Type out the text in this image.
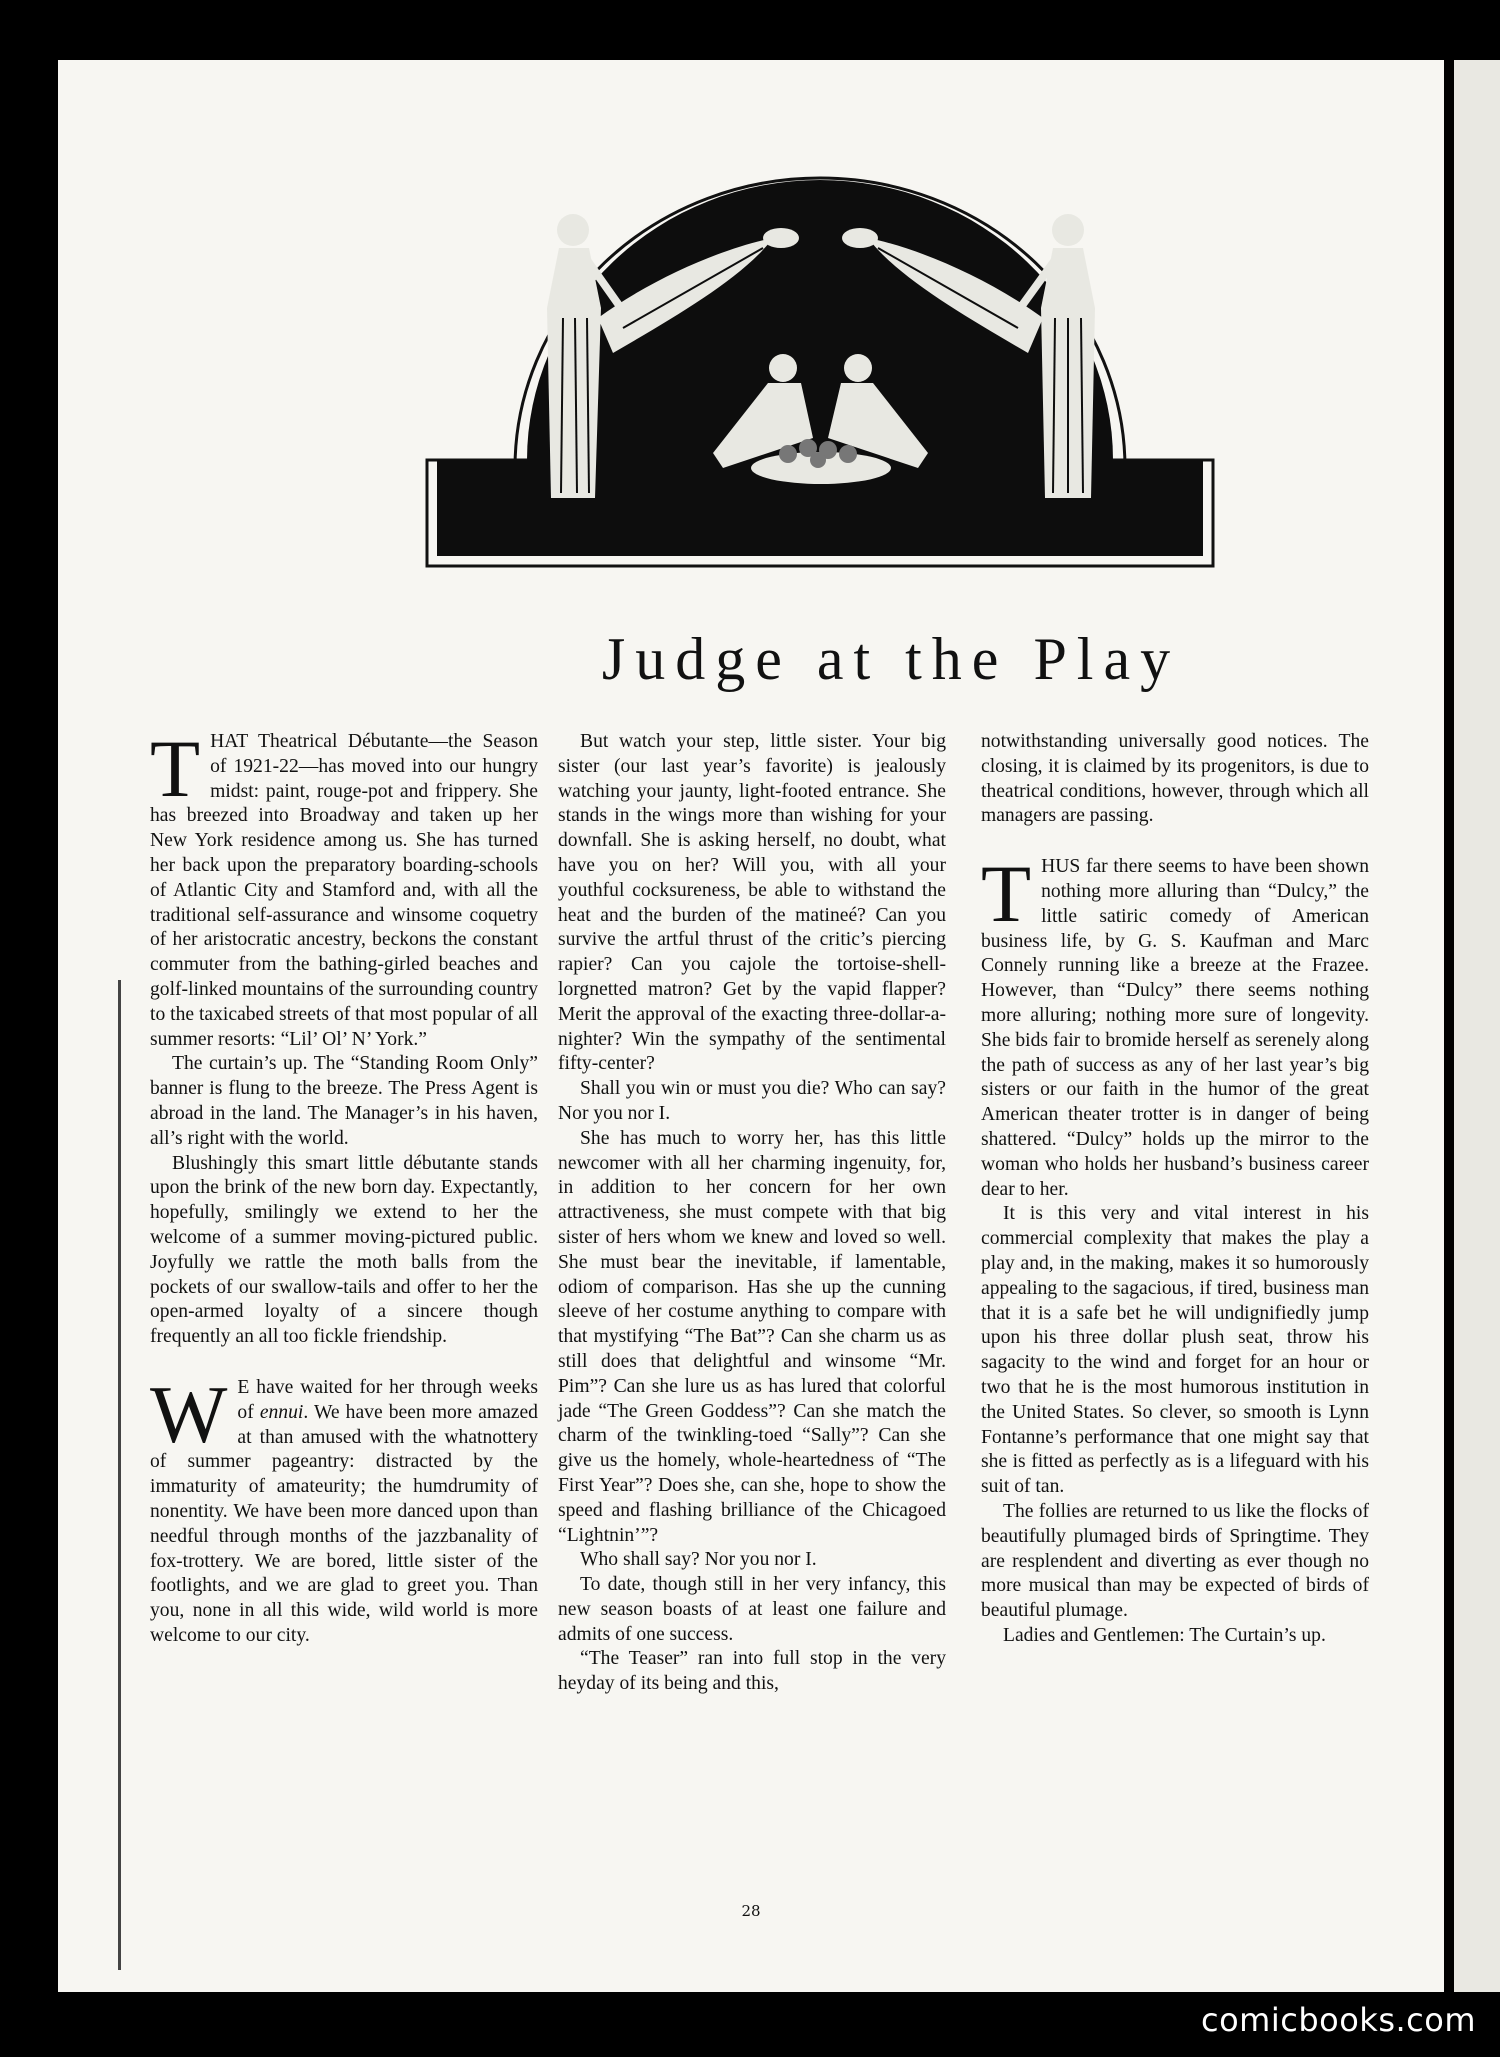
Judge at the Play

THAT Theatrical Débutante—the Season of 1921-22—has moved into our hungry midst: paint, rouge-pot and frippery. She has breezed into Broadway and taken up her New York residence among us. She has turned her back upon the preparatory boarding-schools of Atlantic City and Stamford and, with all the traditional self-assurance and winsome coquetry of her aristocratic ancestry, beckons the constant commuter from the bathing-girled beaches and golf-linked mountains of the surrounding country to the taxicabed streets of that most popular of all summer resorts: “Lil’ Ol’ N’ York.”

The curtain’s up. The “Standing Room Only” banner is flung to the breeze. The Press Agent is abroad in the land. The Manager’s in his haven, all’s right with the world.

Blushingly this smart little débutante stands upon the brink of the new born day. Expectantly, hopefully, smilingly we extend to her the welcome of a summer moving-pictured public. Joyfully we rattle the moth balls from the pockets of our swallow-tails and offer to her the open-armed loyalty of a sincere though frequently an all too fickle friendship.

W E have waited for her through weeks of ennui. We have been more amazed at than amused with the whatnottery of summer pageantry: distracted by the immaturity of amateurity; the humdrumity of nonentity. We have been more danced upon than needful through months of the jazzbanality of fox-trottery. We are bored, little sister of the footlights, and we are glad to greet you. Than you, none in all this wide, wild world is more welcome to our city.

But watch your step, little sister. Your big sister (our last year’s favorite) is jealously watching your jaunty, light-footed entrance. She stands in the wings more than wishing for your downfall. She is asking herself, no doubt, what have you on her? Will you, with all your youthful cocksureness, be able to withstand the heat and the burden of the matineé? Can you survive the artful thrust of the critic’s piercing rapier? Can you cajole the tortoise-shell-lorgnetted matron? Get by the vapid flapper? Merit the approval of the exacting three-dollar-a-nighter? Win the sympathy of the sentimental fifty-center?

Shall you win or must you die? Who can say? Nor you nor I.

She has much to worry her, has this little newcomer with all her charming ingenuity, for, in addition to her concern for her own attractiveness, she must compete with that big sister of hers whom we knew and loved so well. She must bear the inevitable, if lamentable, odiom of comparison. Has she up the cunning sleeve of her costume anything to compare with that mystifying “The Bat”? Can she charm us as still does that delightful and winsome “Mr. Pim”? Can she lure us as has lured that colorful jade “The Green Goddess”? Can she match the charm of the twinkling-toed “Sally”? Can she give us the homely, whole-heartedness of “The First Year”? Does she, can she, hope to show the speed and flashing brilliance of the Chicagoed “Lightnin’”?

Who shall say? Nor you nor I.

To date, though still in her very infancy, this new season boasts of at least one failure and admits of one success.

“The Teaser” ran into full stop in the very heyday of its being and this,

notwithstanding universally good notices. The closing, it is claimed by its progenitors, is due to theatrical conditions, however, through which all managers are passing.

THUS far there seems to have been shown nothing more alluring than “Dulcy,” the little satiric comedy of American business life, by G. S. Kaufman and Marc Connely running like a breeze at the Frazee. However, than “Dulcy” there seems nothing more alluring; nothing more sure of longevity. She bids fair to bromide herself as serenely along the path of success as any of her last year’s big sisters or our faith in the humor of the great American theater trotter is in danger of being shattered. “Dulcy” holds up the mirror to the woman who holds her husband’s business career dear to her.

It is this very and vital interest in his commercial complexity that makes the play a play and, in the making, makes it so humorously appealing to the sagacious, if tired, business man that it is a safe bet he will undignifiedly jump upon his three dollar plush seat, throw his sagacity to the wind and forget for an hour or two that he is the most humorous institution in the United States. So clever, so smooth is Lynn Fontanne’s performance that one might say that she is fitted as perfectly as is a lifeguard with his suit of tan.

The follies are returned to us like the flocks of beautifully plumaged birds of Springtime. They are resplendent and diverting as ever though no more musical than may be expected of birds of beautiful plumage.

Ladies and Gentlemen: The Curtain’s up.

28
comicbooks.com
